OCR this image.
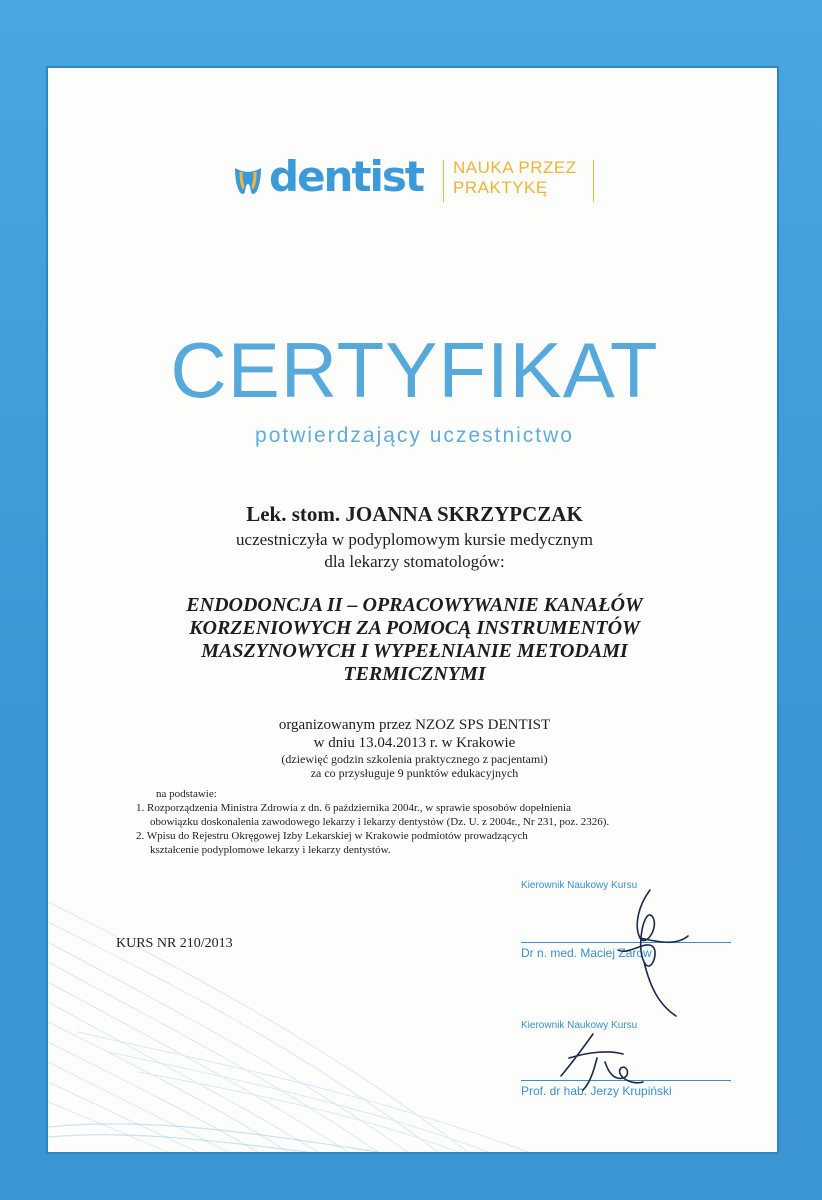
dentist NAUKA PRZEZ
PRAKTYKĘ
CERTYFIKAT
potwierdzający uczestnictwo
Lek. stom. JOANNA SKRZYPCZAK
uczestniczyła w podyplomowym kursie medycznym
dla lekarzy stomatologów:
ENDODONCJA II – OPRACOWYWANIE KANAŁÓW
KORZENIOWYCH ZA POMOCĄ INSTRUMENTÓW
MASZYNOWYCH I WYPEŁNIANIE METODAMI
TERMICZNYMI
organizowanym przez NZOZ SPS DENTIST
w dniu 13.04.2013 r. w Krakowie
(dziewięć godzin szkolenia praktycznego z pacjentami)
za co przysługuje 9 punktów edukacyjnych
na podstawie:
1. Rozporządzenia Ministra Zdrowia z dn. 6 października 2004r., w sprawie sposobów dopełnienia
obowiązku doskonalenia zawodowego lekarzy i lekarzy dentystów (Dz. U. z 2004r., Nr 231, poz. 2326).
2. Wpisu do Rejestru Okręgowej Izby Lekarskiej w Krakowie podmiotów prowadzących
kształcenie podyplomowe lekarzy i lekarzy dentystów.
KURS NR 210/2013
Kierownik Naukowy Kursu
Dr n. med. Maciej Zarow
Kierownik Naukowy Kursu
Prof. dr hab. Jerzy Krupiński
